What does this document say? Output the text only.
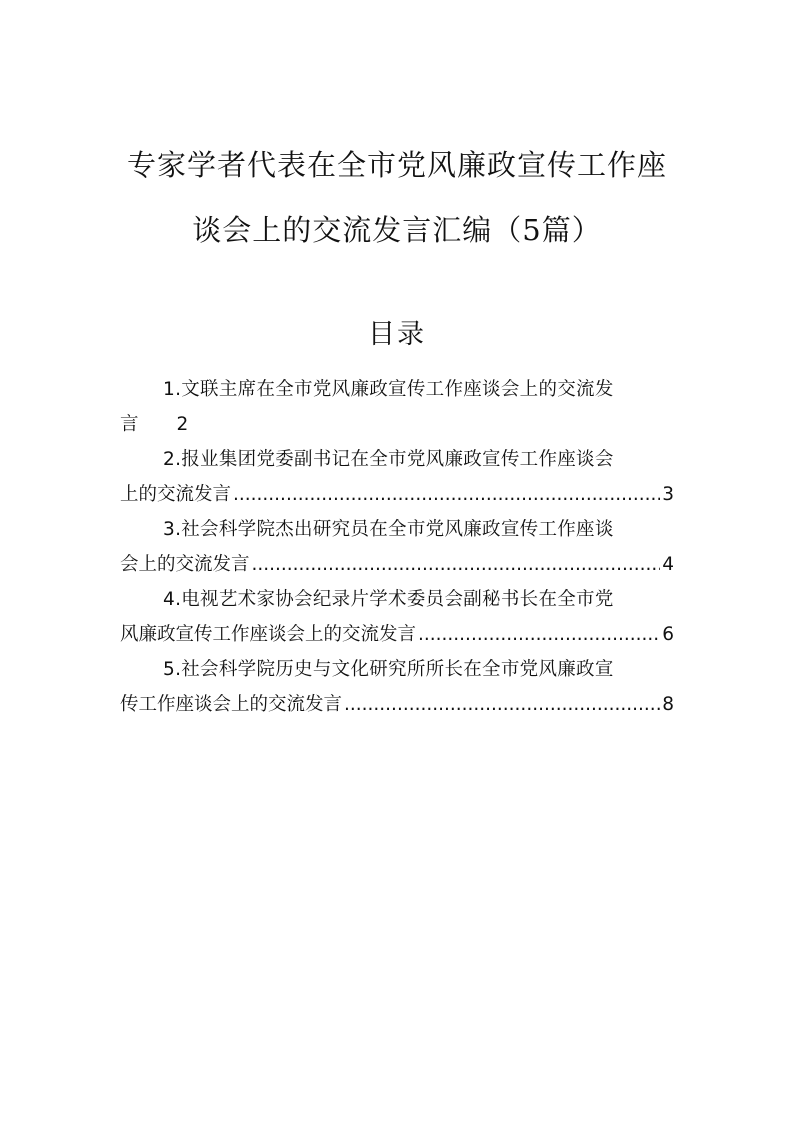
专家学者代表在全市党风廉政宣传工作座
谈会上的交流发言汇编（5篇）
目录
1.文联主席在全市党风廉政宣传工作座谈会上的交流发
言	2
2.报业集团党委副书记在全市党风廉政宣传工作座谈会
上的交流发言 .....	3
3.社会科学院杰出研究员在全市党风廉政宣传工作座谈
会上的交流发言 .....	4
4.电视艺术家协会纪录片学术委员会副秘书长在全市党
风廉政宣传工作座谈会上的交流发言 .....	6
5.社会科学院历史与文化研究所所长在全市党风廉政宣
传工作座谈会上的交流发言 .....	8
